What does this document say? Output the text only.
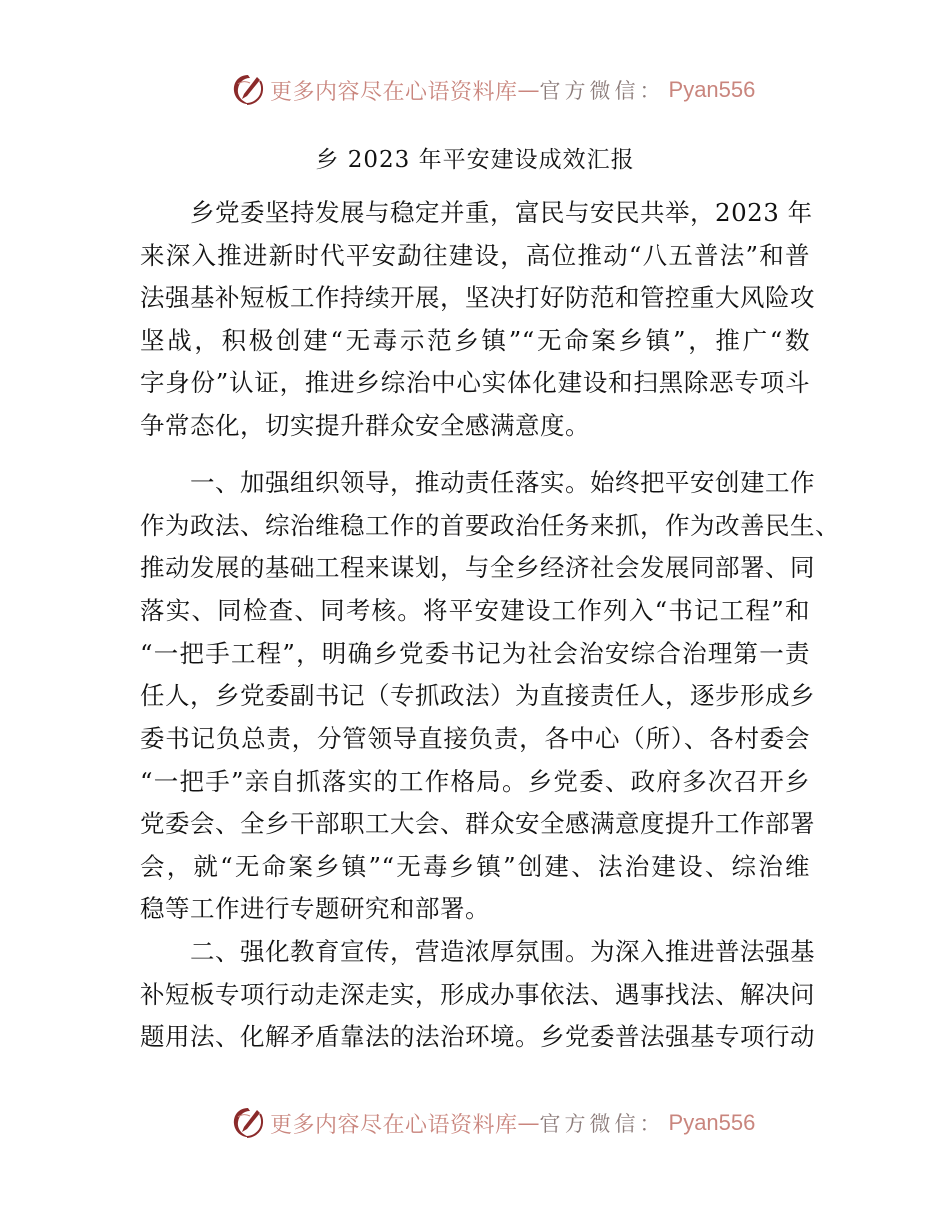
更多内容尽在心语资料库 — 官方微信： Pyan556
乡 2023 年平安建设成效汇报
　　乡党委坚持发展与稳定并重，富民与安民共举，2023 年
来深入推进新时代平安勐往建设，高位推动“八五普法”和普
法强基补短板工作持续开展，坚决打好防范和管控重大风险攻
坚战，积极创建“无毒示范乡镇”“无命案乡镇”，推广“数
字身份”认证，推进乡综治中心实体化建设和扫黑除恶专项斗
争常态化，切实提升群众安全感满意度。
　　一、加强组织领导，推动责任落实。始终把平安创建工作
作为政法、综治维稳工作的首要政治任务来抓，作为改善民生、
推动发展的基础工程来谋划，与全乡经济社会发展同部署、同
落实、同检查、同考核。将平安建设工作列入“书记工程”和
“一把手工程”，明确乡党委书记为社会治安综合治理第一责
任人，乡党委副书记（专抓政法）为直接责任人，逐步形成乡
委书记负总责，分管领导直接负责，各中心（所）、各村委会
“一把手”亲自抓落实的工作格局。乡党委、政府多次召开乡
党委会、全乡干部职工大会、群众安全感满意度提升工作部署
会，就“无命案乡镇”“无毒乡镇”创建、法治建设、综治维
稳等工作进行专题研究和部署。
　　二、强化教育宣传，营造浓厚氛围。为深入推进普法强基
补短板专项行动走深走实，形成办事依法、遇事找法、解决问
题用法、化解矛盾靠法的法治环境。乡党委普法强基专项行动
更多内容尽在心语资料库 — 官方微信： Pyan556
